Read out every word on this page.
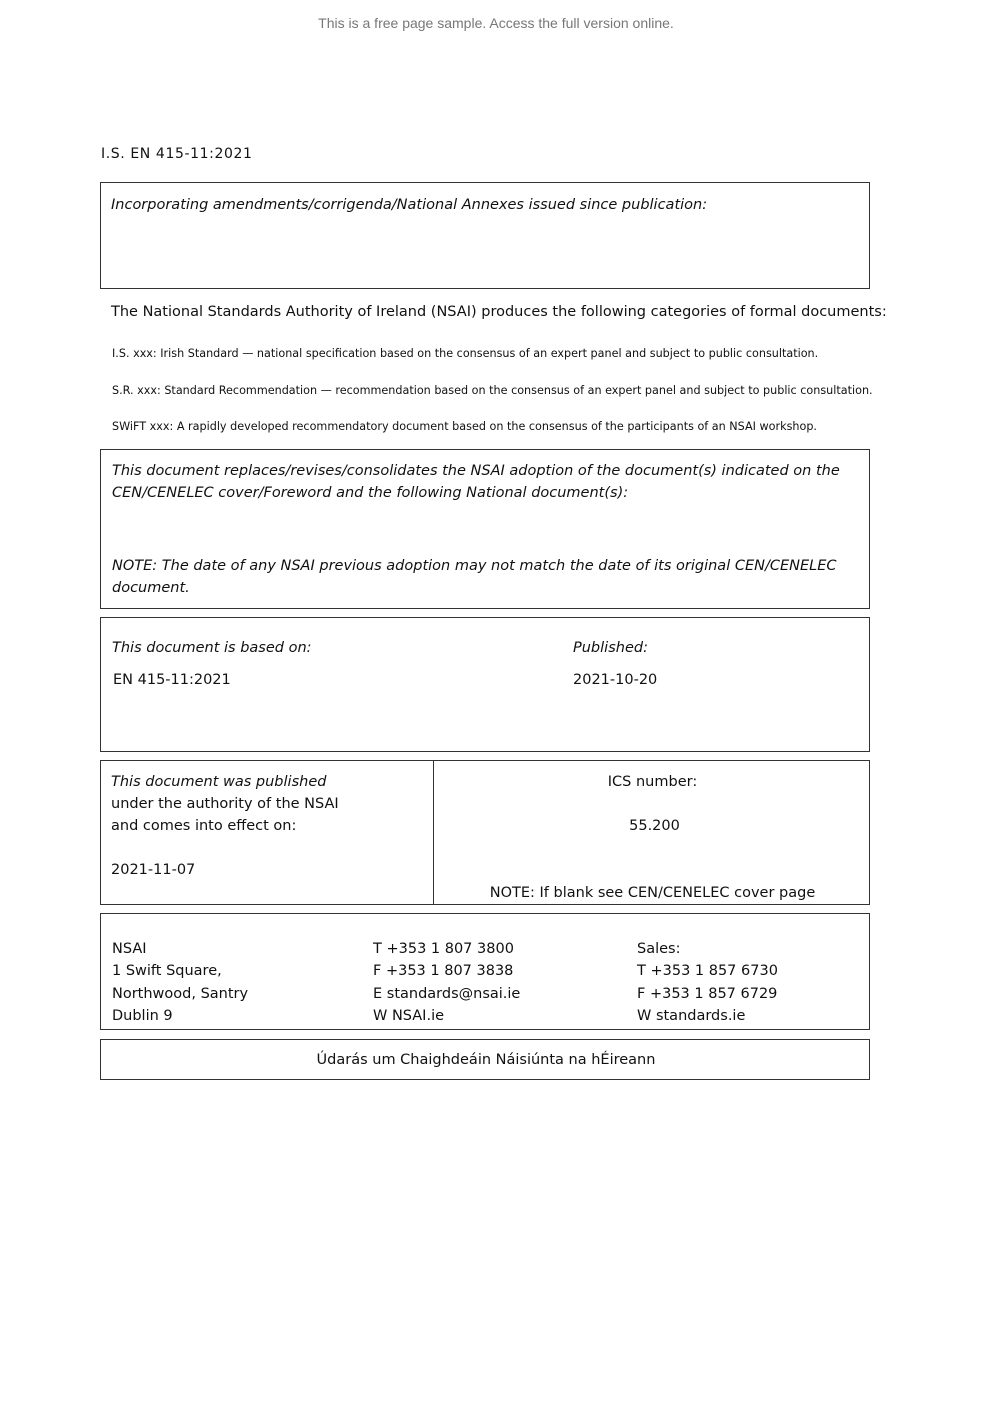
This is a free page sample. Access the full version online.
I.S. EN 415-11:2021
Incorporating amendments/corrigenda/National Annexes issued since publication:
The National Standards Authority of Ireland (NSAI) produces the following categories of formal documents:
I.S. xxx: Irish Standard — national specification based on the consensus of an expert panel and subject to public consultation.
S.R. xxx: Standard Recommendation — recommendation based on the consensus of an expert panel and subject to public consultation.
SWiFT xxx: A rapidly developed recommendatory document based on the consensus of the participants of an NSAI workshop.
This document replaces/revises/consolidates the NSAI adoption of the document(s) indicated on the
CEN/CENELEC cover/Foreword and the following National document(s):
NOTE: The date of any NSAI previous adoption may not match the date of its original CEN/CENELEC
document.
This document is based on:
EN 415-11:2021
Published:
2021-10-20
This document was published
under the authority of the NSAI
and comes into effect on:
2021-11-07
ICS number:
55.200
NOTE: If blank see CEN/CENELEC cover page
NSAI
1 Swift Square,
Northwood, Santry
Dublin 9
T +353 1 807 3800
F +353 1 807 3838
E standards@nsai.ie
W NSAI.ie
Sales:
T +353 1 857 6730
F +353 1 857 6729
W standards.ie
Údarás um Chaighdeáin Náisiúnta na hÉireann
